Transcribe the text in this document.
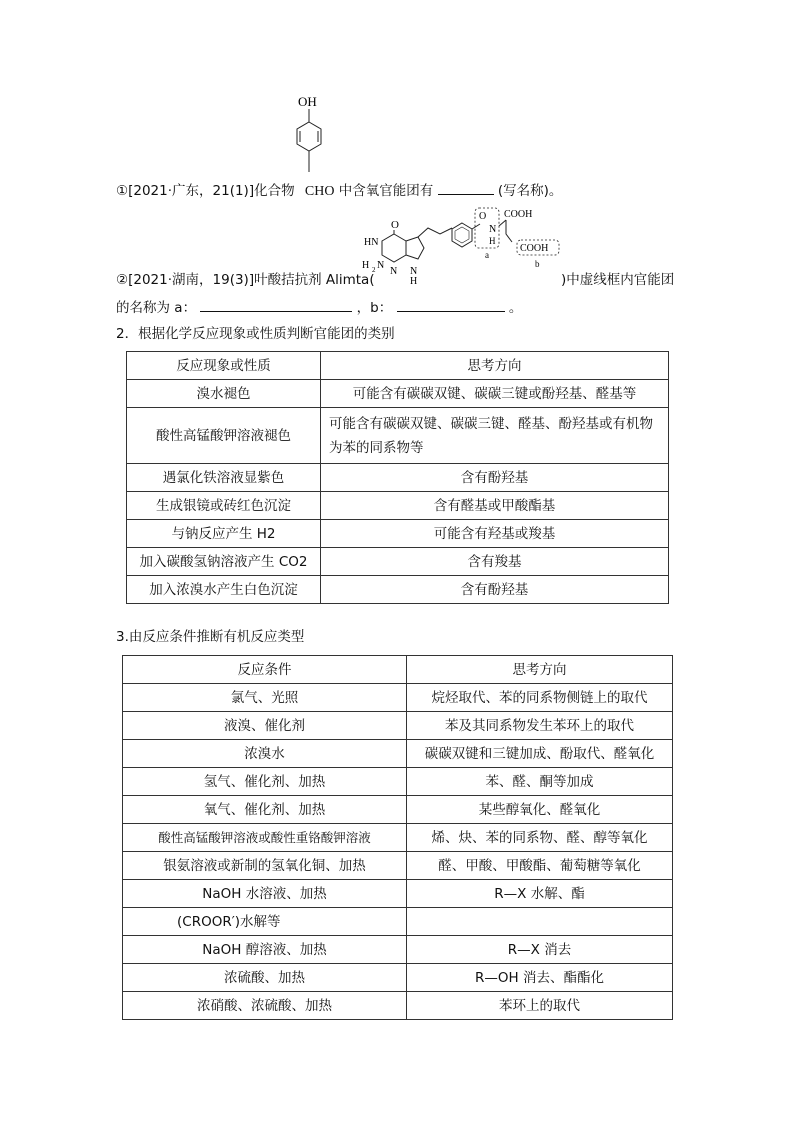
OH
①[2021·广东，21(1)]化合物 CHO 中含氧官能团有	(写名称)。
O
HN
H 2 N
N N
H
O
N
H
a
COOH
COOH
b
②[2021·湖南，19(3)]叶酸拮抗剂 Alimta(	)中虚线框内官能团
的名称为 a：	，b：	。
2．根据化学反应现象或性质判断官能团的类别
反应现象或性质	思考方向
溴水褪色	可能含有碳碳双键、碳碳三键或酚羟基、醛基等
酸性高锰酸钾溶液褪色	可能含有碳碳双键、碳碳三键、醛基、酚羟基或有机物为苯的同系物等
遇氯化铁溶液显紫色	含有酚羟基
生成银镜或砖红色沉淀	含有醛基或甲酸酯基
与钠反应产生 H2	可能含有羟基或羧基
加入碳酸氢钠溶液产生 CO2	含有羧基
加入浓溴水产生白色沉淀	含有酚羟基
3.由反应条件推断有机反应类型
反应条件	思考方向
氯气、光照	烷烃取代、苯的同系物侧链上的取代
液溴、催化剂	苯及其同系物发生苯环上的取代
浓溴水	碳碳双键和三键加成、酚取代、醛氧化
氢气、催化剂、加热	苯、醛、酮等加成
氧气、催化剂、加热	某些醇氧化、醛氧化
酸性高锰酸钾溶液或酸性重铬酸钾溶液	烯、炔、苯的同系物、醛、醇等氧化
银氨溶液或新制的氢氧化铜、加热	醛、甲酸、甲酸酯、葡萄糖等氧化
NaOH 水溶液、加热	R—X 水解、酯
(CROOR′)水解等	
NaOH 醇溶液、加热	R—X 消去
浓硫酸、加热	R—OH 消去、酯酯化
浓硝酸、浓硫酸、加热	苯环上的取代
